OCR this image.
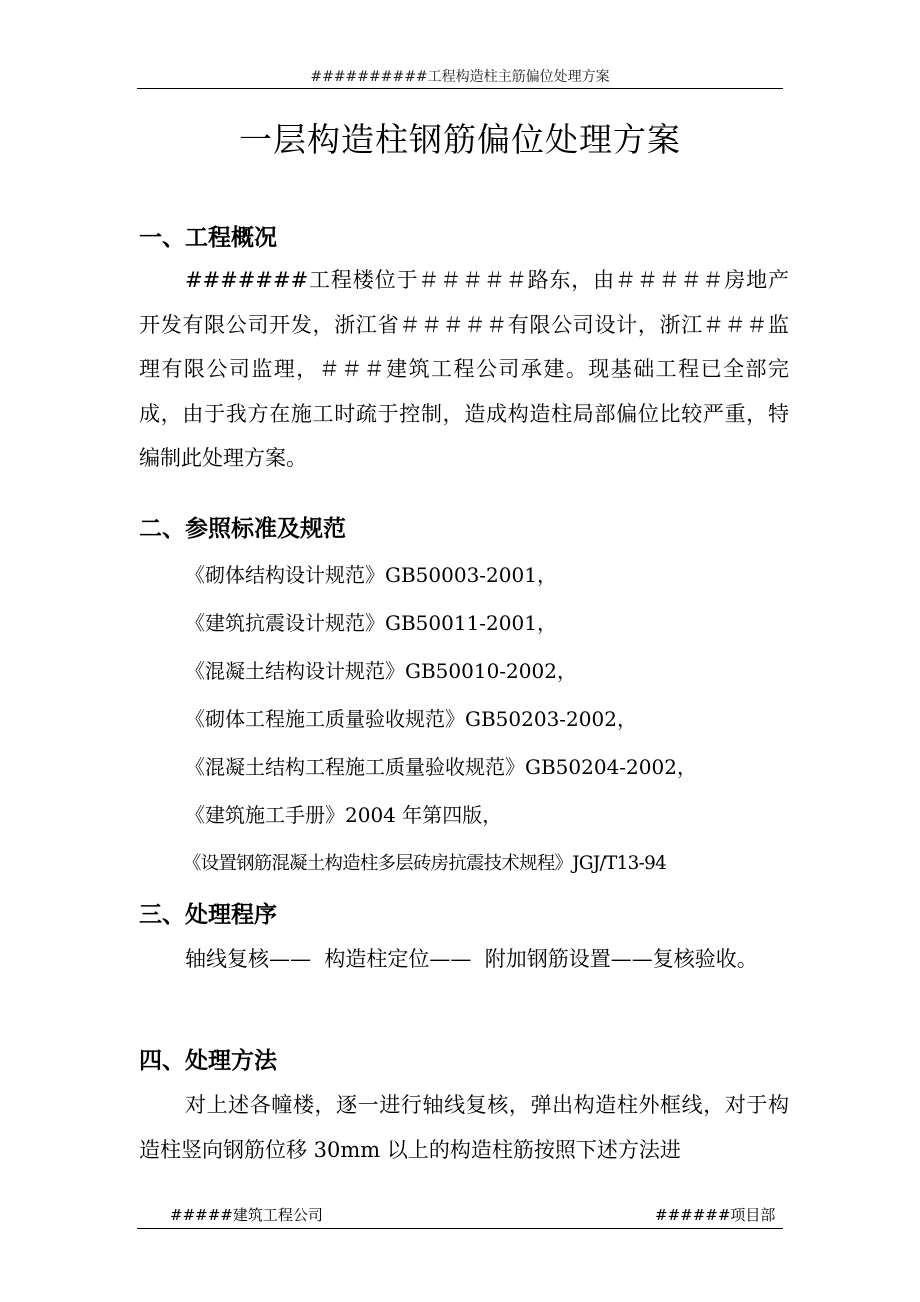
##########工程构造柱主筋偏位处理方案
一层构造柱钢筋偏位处理方案
一、工程概况

#######工程楼位于＃＃＃＃＃路东，由＃＃＃＃＃房地产开发有限公司开发，浙江省＃＃＃＃＃有限公司设计，浙江＃＃＃监理有限公司监理，＃＃＃建筑工程公司承建。现基础工程已全部完成，由于我方在施工时疏于控制，造成构造柱局部偏位比较严重，特编制此处理方案。

二、参照标准及规范

《砌体结构设计规范》GB50003-2001，

《建筑抗震设计规范》GB50011-2001，

《混凝土结构设计规范》GB50010-2002，

《砌体工程施工质量验收规范》GB50203-2002，

《混凝土结构工程施工质量验收规范》GB50204-2002，

《建筑施工手册》2004 年第四版，

《设置钢筋混凝土构造柱多层砖房抗震技术规程》JGJ/T13-94

三、处理程序

轴线复核——  构造柱定位——  附加钢筋设置——复核验收。

四、处理方法

对上述各幢楼，逐一进行轴线复核，弹出构造柱外框线，对于构造柱竖向钢筋位移 30mm 以上的构造柱筋按照下述方法进

#####建筑工程公司	######项目部
